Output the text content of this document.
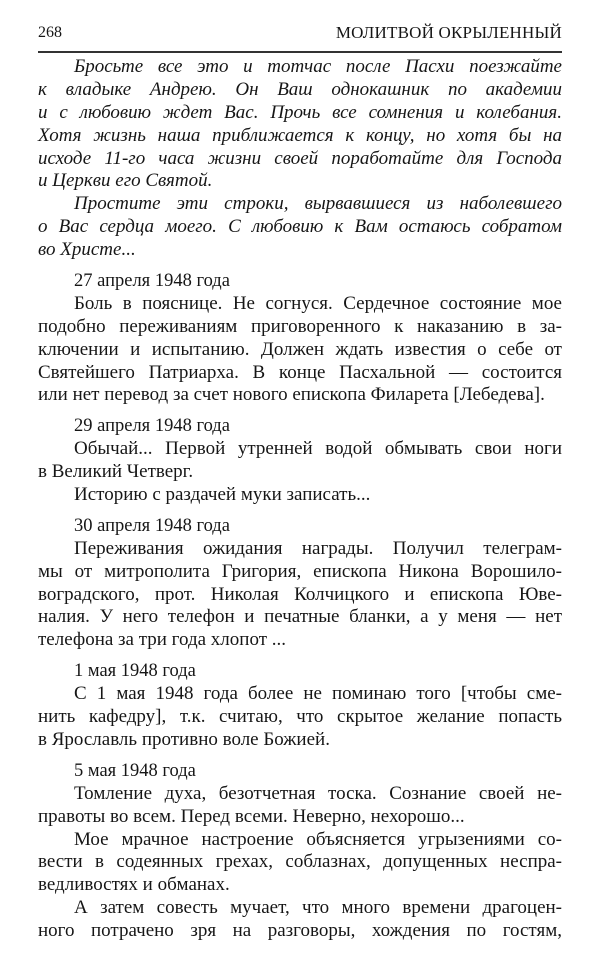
268	МОЛИТВОЙ ОКРЫЛЕННЫЙ
Бросьте все это и тотчас после Пасхи поезжайте
к владыке Андрею. Он Ваш однокашник по академии
и с любовию ждет Вас. Прочь все сомнения и колебания.
Хотя жизнь наша приближается к концу, но хотя бы на
исходе 11-го часа жизни своей поработайте для Господа
и Церкви его Святой.
Простите эти строки, вырвавшиеся из наболевшего
о Вас сердца моего. С любовию к Вам остаюсь собратом
во Христе...
27 апреля 1948 года
Боль в пояснице. Не согнуся. Сердечное состояние мое
подобно переживаниям приговоренного к наказанию в за-
ключении и испытанию. Должен ждать известия о себе от
Святейшего Патриарха. В конце Пасхальной — состоится
или нет перевод за счет нового епископа Филарета [Лебедева].
29 апреля 1948 года
Обычай... Первой утренней водой обмывать свои ноги
в Великий Четверг.
Историю с раздачей муки записать...
30 апреля 1948 года
Переживания ожидания награды. Получил телеграм-
мы от митрополита Григория, епископа Никона Ворошило-
воградского, прот. Николая Колчицкого и епископа Юве-
налия. У него телефон и печатные бланки, а у меня — нет
телефона за три года хлопот ...
1 мая 1948 года
С 1 мая 1948 года более не поминаю того [чтобы сме-
нить кафедру], т.к. считаю, что скрытое желание попасть
в Ярославль противно воле Божией.
5 мая 1948 года
Томление духа, безотчетная тоска. Сознание своей не-
правоты во всем. Перед всеми. Неверно, нехорошо...
Мое мрачное настроение объясняется угрызениями со-
вести в содеянных грехах, соблазнах, допущенных неспра-
ведливостях и обманах.
А затем совесть мучает, что много времени драгоцен-
ного потрачено зря на разговоры, хождения по гостям,
